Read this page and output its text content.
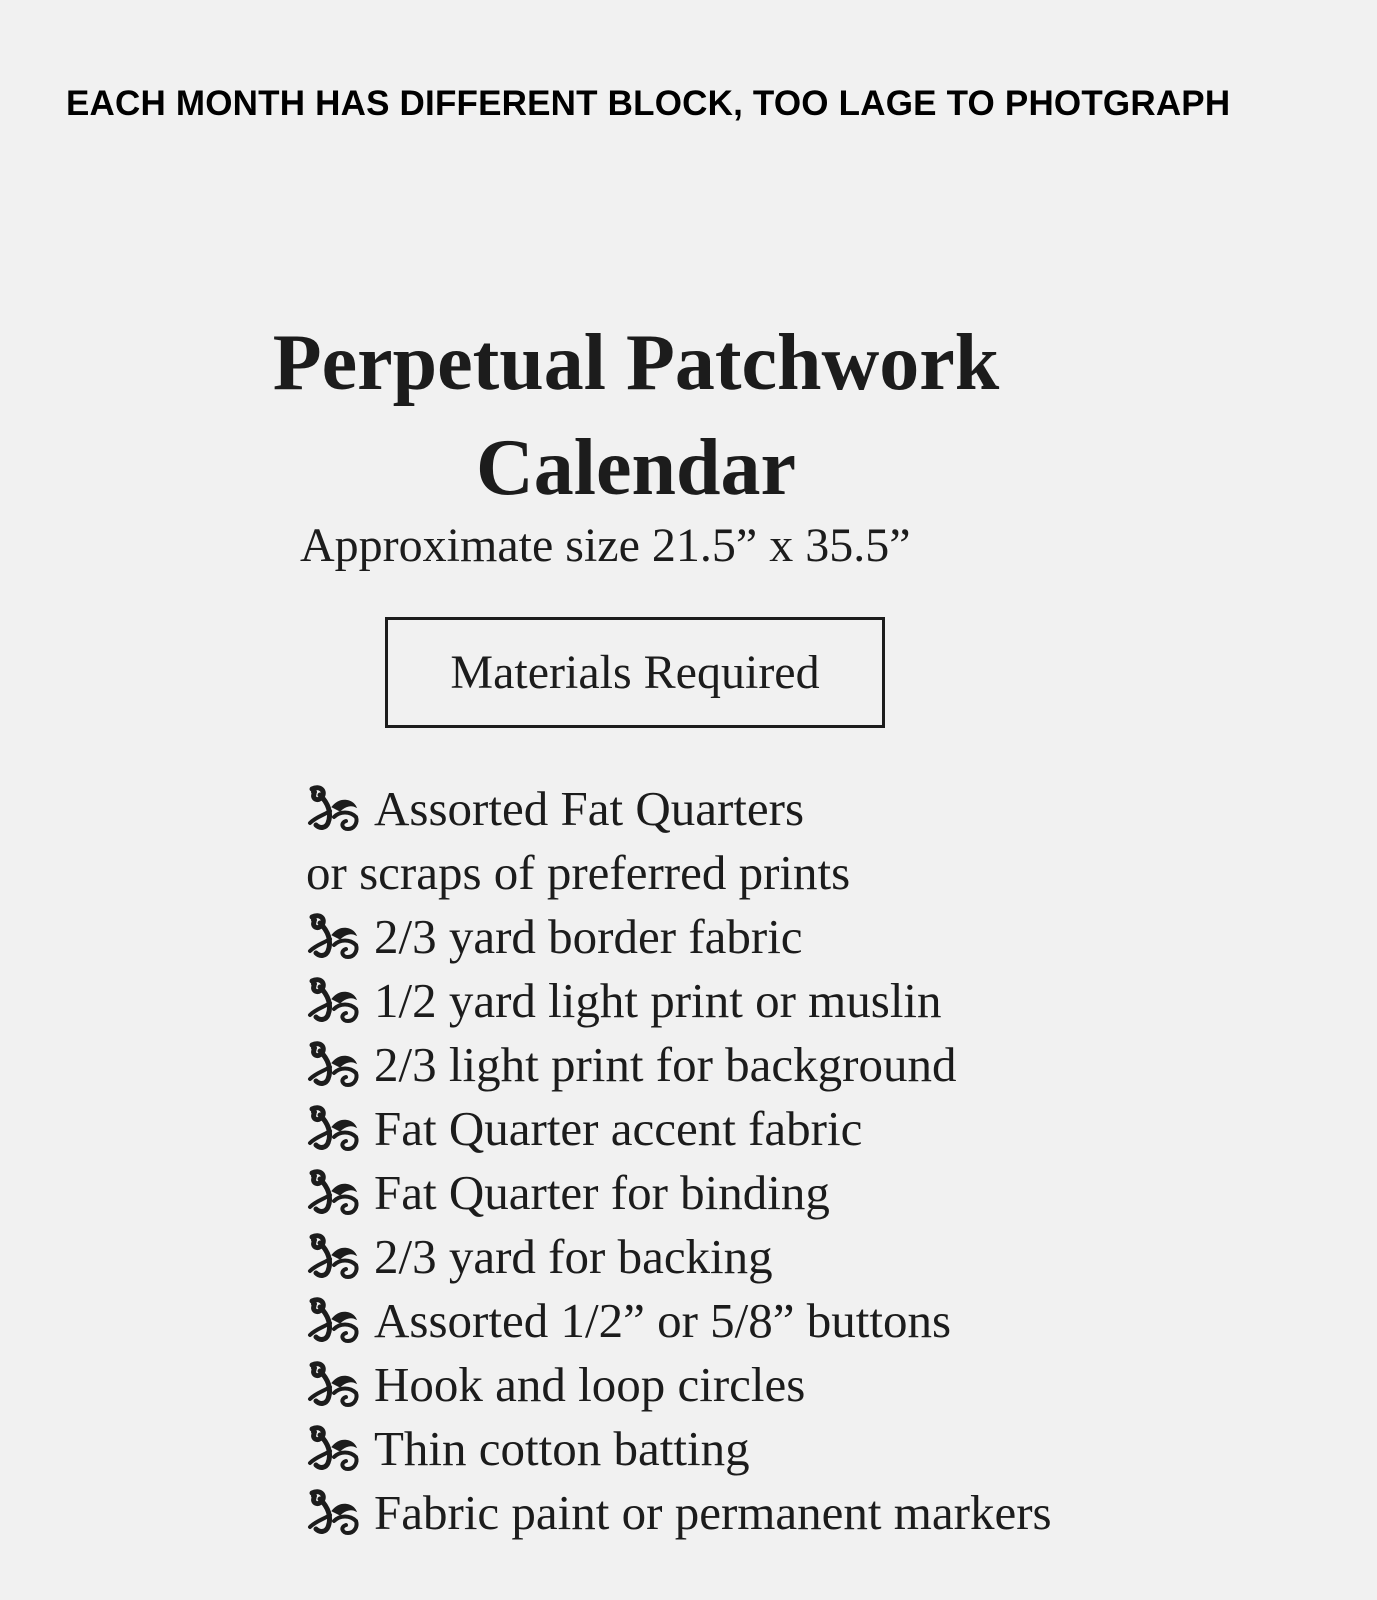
EACH MONTH HAS DIFFERENT BLOCK, TOO LAGE TO PHOTGRAPH
Perpetual Patchwork
Calendar
Approximate size 21.5” x 35.5”
Materials Required
Assorted Fat Quarters
or scraps of preferred prints
2/3 yard border fabric
1/2 yard light print or muslin
2/3 light print for background
Fat Quarter accent fabric
Fat Quarter for binding
2/3 yard for backing
Assorted 1/2” or 5/8” buttons
Hook and loop circles
Thin cotton batting
Fabric paint or permanent markers
